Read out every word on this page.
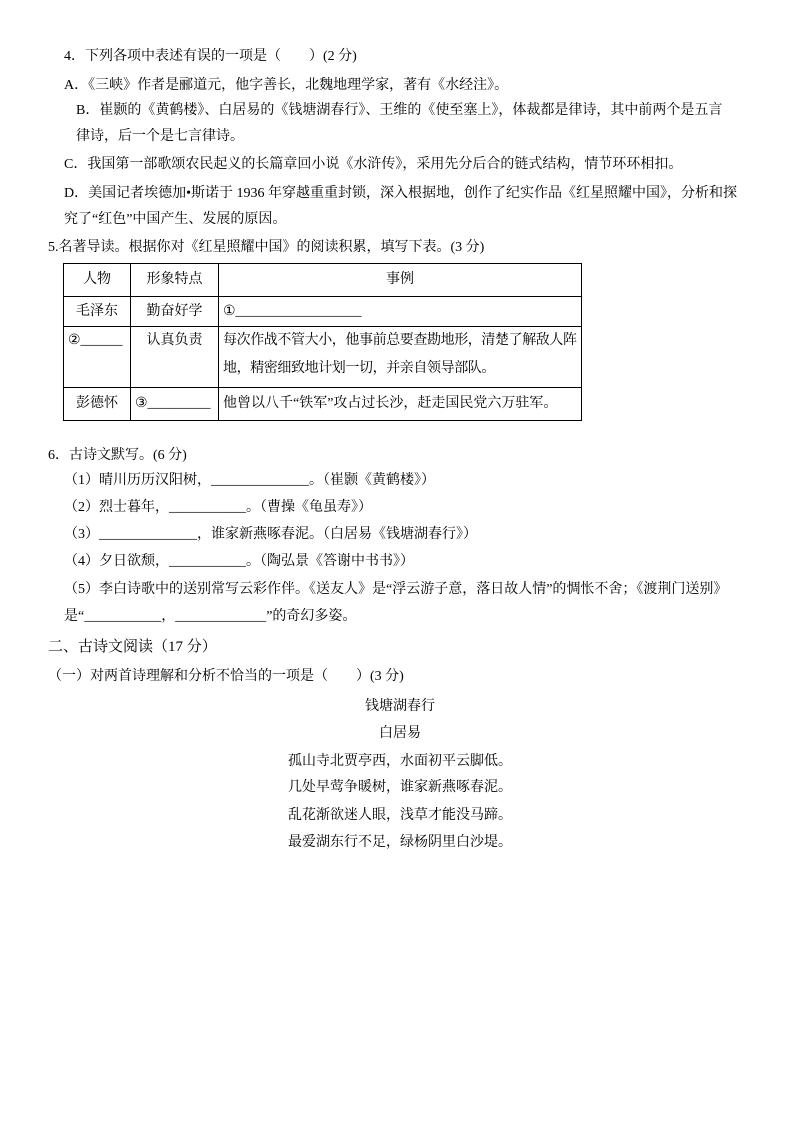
4．下列各项中表述有误的一项是（　　）(2 分)
A．《三峡》作者是郦道元，他字善长，北魏地理学家，著有《水经注》。
B．崔颢的《黄鹤楼》、白居易的《钱塘湖春行》、王维的《使至塞上》，体裁都是律诗，其中前两个是五言
律诗，后一个是七言律诗。
C．我国第一部歌颂农民起义的长篇章回小说《水浒传》，采用先分后合的链式结构，情节环环相扣。
D．美国记者埃德加•斯诺于 1936 年穿越重重封锁，深入根据地，创作了纪实作品《红星照耀中国》，分析和探
究了“红色”中国产生、发展的原因。
5.名著导读。根据你对《红星照耀中国》的阅读积累，填写下表。(3 分)
人物	形象特点	事例
毛泽东	勤奋好学	①__________________
②______	认真负责	每次作战不管大小，他事前总要查勘地形，清楚了解敌人阵
地，精密细致地计划一切，并亲自领导部队。

彭德怀	③_________	他曾以八千“铁军”攻占过长沙，赶走国民党六万驻军。
6．古诗文默写。(6 分)
（1）晴川历历汉阳树，______________。（崔颢《黄鹤楼》）
（2）烈士暮年，___________。（曹操《龟虽寿》）
（3）______________，谁家新燕啄春泥。（白居易《钱塘湖春行》）
（4）夕日欲颓，___________。（陶弘景《答谢中书书》）
（5）李白诗歌中的送别常写云彩作伴。《送友人》是“浮云游子意，落日故人情”的惆怅不舍；《渡荆门送别》
是“___________，_____________”的奇幻多姿。
二、古诗文阅读（17 分）
（一）对两首诗理解和分析不恰当的一项是（　　）(3 分)
钱塘湖春行
白居易
孤山寺北贾亭西，水面初平云脚低。
几处早莺争暖树，谁家新燕啄春泥。
乱花渐欲迷人眼，浅草才能没马蹄。
最爱湖东行不足，绿杨阴里白沙堤。
